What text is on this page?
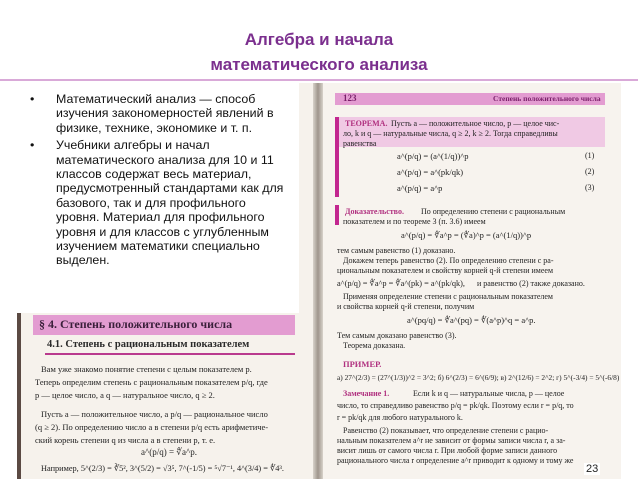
§ 4. Степень положительного числа
4.1. Степень с рациональным показателем
Вам уже знакомо понятие степени с целым показателем p.
Теперь определим степень с рациональным показателем p/q, где
p — целое число, а q — натуральное число, q ≥ 2.
Пусть a — положительное число, а p/q — рациональное число
(q ≥ 2). По определению число a в степени p/q есть арифметиче-
ский корень степени q из числа a в степени p, т. е.
a^(p/q) = ∜a^p.
Например, 5^(2/3) = ∛5², 3^(5/2) = √3⁵, 7^(-1/5) = ⁵√7⁻¹, 4^(3/4) = ∜4³.
123	Степень положительного числа
ТЕОРЕМА. Пусть a — положительное число, p — целое чис-
ло, k и q — натуральные числа, q ≥ 2, k ≥ 2. Тогда справедливы
равенства
a^(p/q) = (a^(1/q))^p	(1)
a^(p/q) = a^(pk/qk)	(2)
a^(p/q) = a^p	(3)
Доказательство. По определению степени с рациональным
показателем и по теореме 3 (п. 3.6) имеем
a^(p/q) = ∜a^p = (∜a)^p = (a^(1/q))^p
тем самым равенство (1) доказано.
Докажем теперь равенство (2). По определению степени с ра-
циональным показателем и свойству корней q-й степени имеем
a^(p/q) = ∜a^p = ∜a^(pk) = a^(pk/qk), и равенство (2) также доказано.
Применяя определение степени с рациональным показателем
и свойства корней q-й степени, получим
a^(pq/q) = ∜a^(pq) = ∜(a^p)^q = a^p.
Тем самым доказано равенство (3).
Теорема доказана.
ПРИМЕР.
а) 27^(2/3) = (27^(1/3))^2 = 3^2; б) 6^(2/3) = 6^(6/9); в) 2^(12/6) = 2^2; г) 5^(-3/4) = 5^(-6/8)
Замечание 1.	Если k и q — натуральные числа, p — целое
число, то справедливо равенство p/q = pk/qk. Поэтому если r = p/q, то
r = pk/qk для любого натурального k.
Равенство (2) показывает, что определение степени с рацио-
нальным показателем a^r не зависит от формы записи числа r, а за-
висит лишь от самого числа r. При любой форме записи данного
рационального числа r определение a^r приводит к одному и тому же
Алгебра и начала
математического анализа
• Математический анализ — способ изучения закономерностей явлений в физике, технике, экономике и т. п.
• Учебники алгебры и начал математического анализа для 10 и 11 классов содержат весь материал, предусмотренный стандартами как для базового, так и для профильного уровня. Материал для профильного уровня и для классов с углубленным изучением математики специально выделен.
23
